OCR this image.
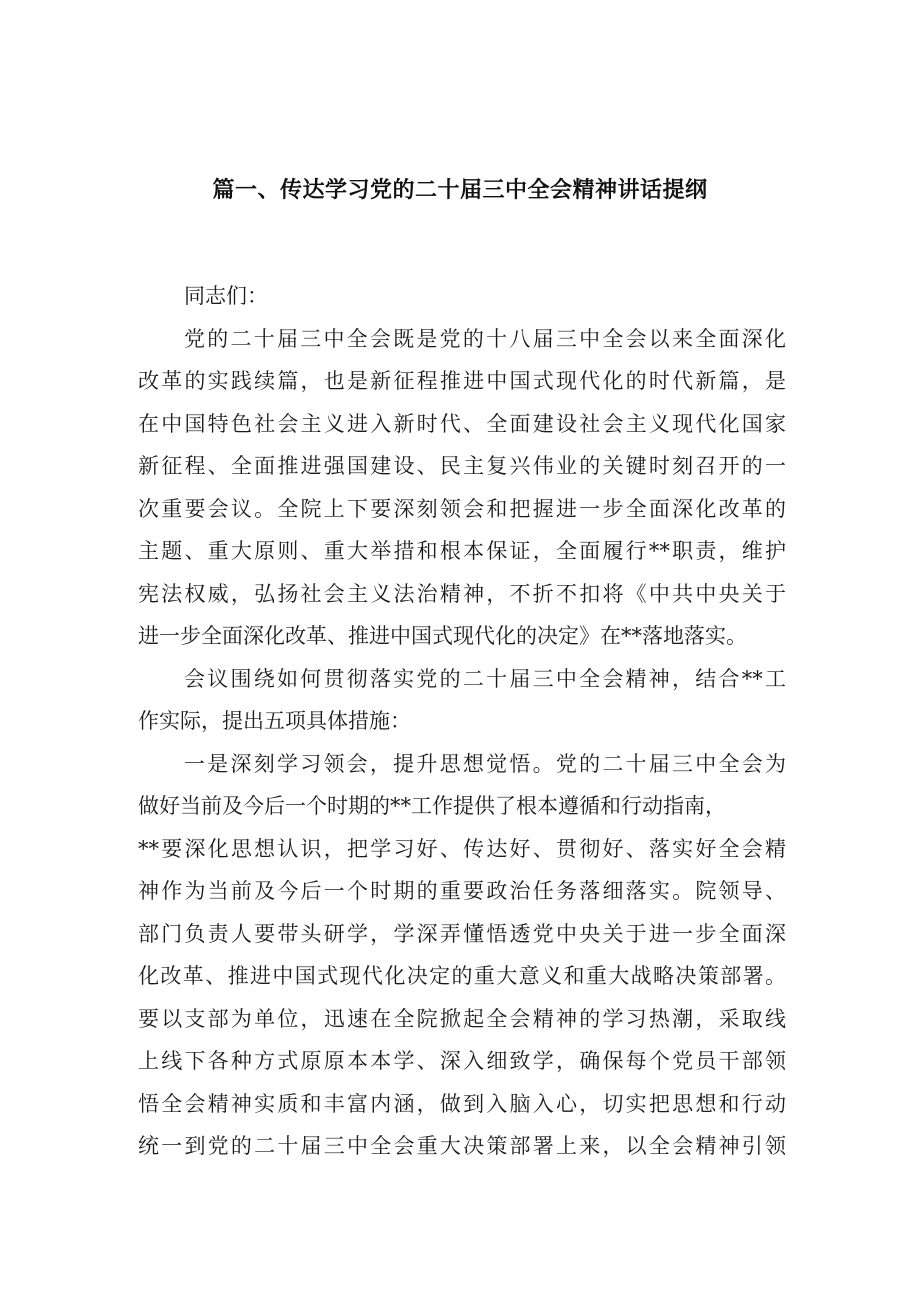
篇一、传达学习党的二十届三中全会精神讲话提纲
同志们：
党的二十届三中全会既是党的十八届三中全会以来全面深化
改革的实践续篇，也是新征程推进中国式现代化的时代新篇，是
在中国特色社会主义进入新时代、全面建设社会主义现代化国家
新征程、全面推进强国建设、民主复兴伟业的关键时刻召开的一
次重要会议。全院上下要深刻领会和把握进一步全面深化改革的
主题、重大原则、重大举措和根本保证，全面履行**职责，维护
宪法权威，弘扬社会主义法治精神，不折不扣将《中共中央关于
进一步全面深化改革、推进中国式现代化的决定》在**落地落实。
会议围绕如何贯彻落实党的二十届三中全会精神，结合**工
作实际，提出五项具体措施：
一是深刻学习领会，提升思想觉悟。党的二十届三中全会为
做好当前及今后一个时期的**工作提供了根本遵循和行动指南，
**要深化思想认识，把学习好、传达好、贯彻好、落实好全会精
神作为当前及今后一个时期的重要政治任务落细落实。院领导、
部门负责人要带头研学，学深弄懂悟透党中央关于进一步全面深
化改革、推进中国式现代化决定的重大意义和重大战略决策部署。
要以支部为单位，迅速在全院掀起全会精神的学习热潮，采取线
上线下各种方式原原本本学、深入细致学，确保每个党员干部领
悟全会精神实质和丰富内涵，做到入脑入心，切实把思想和行动
统一到党的二十届三中全会重大决策部署上来，以全会精神引领
